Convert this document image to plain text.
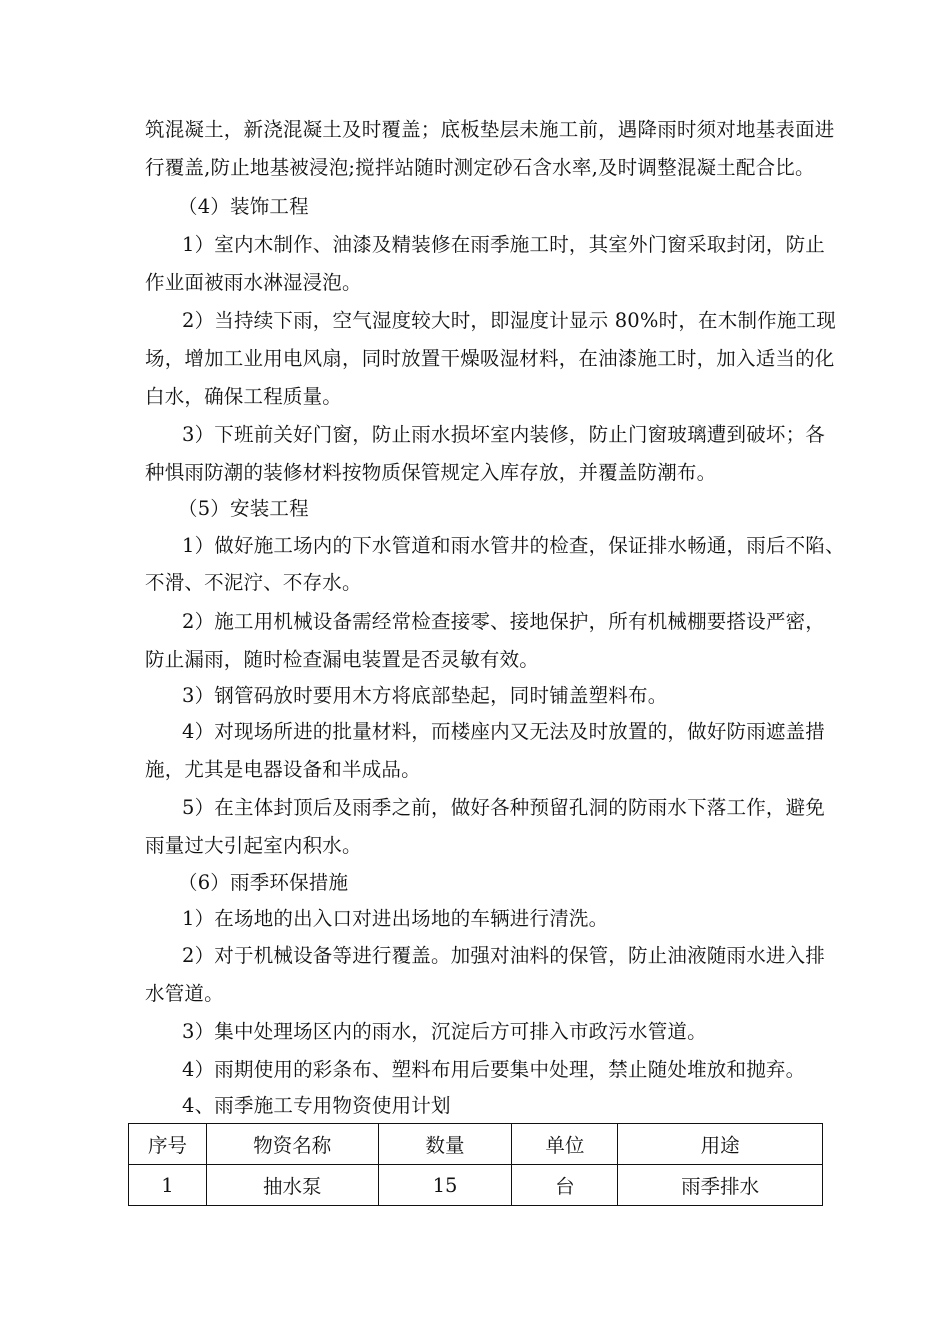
筑混凝土，新浇混凝土及时覆盖；底板垫层未施工前，遇降雨时须对地基表面进
行覆盖,防止地基被浸泡;搅拌站随时测定砂石含水率,及时调整混凝土配合比。
（4）装饰工程
1）室内木制作、油漆及精装修在雨季施工时，其室外门窗采取封闭，防止
作业面被雨水淋湿浸泡。
2）当持续下雨，空气湿度较大时，即湿度计显示 80%时，在木制作施工现
场，增加工业用电风扇，同时放置干燥吸湿材料，在油漆施工时，加入适当的化
白水，确保工程质量。
3）下班前关好门窗，防止雨水损坏室内装修，防止门窗玻璃遭到破坏；各
种惧雨防潮的装修材料按物质保管规定入库存放，并覆盖防潮布。
（5）安装工程
1）做好施工场内的下水管道和雨水管井的检查，保证排水畅通，雨后不陷、
不滑、不泥泞、不存水。
2）施工用机械设备需经常检查接零、接地保护，所有机械棚要搭设严密，
防止漏雨，随时检查漏电装置是否灵敏有效。
3）钢管码放时要用木方将底部垫起，同时铺盖塑料布。
4）对现场所进的批量材料，而楼座内又无法及时放置的，做好防雨遮盖措
施，尤其是电器设备和半成品。
5）在主体封顶后及雨季之前，做好各种预留孔洞的防雨水下落工作，避免
雨量过大引起室内积水。
（6）雨季环保措施
1）在场地的出入口对进出场地的车辆进行清洗。
2）对于机械设备等进行覆盖。加强对油料的保管，防止油液随雨水进入排
水管道。
3）集中处理场区内的雨水，沉淀后方可排入市政污水管道。
4）雨期使用的彩条布、塑料布用后要集中处理，禁止随处堆放和抛弃。
4、雨季施工专用物资使用计划
序号	物资名称	数量	单位	用途
1	抽水泵	15	台	雨季排水
